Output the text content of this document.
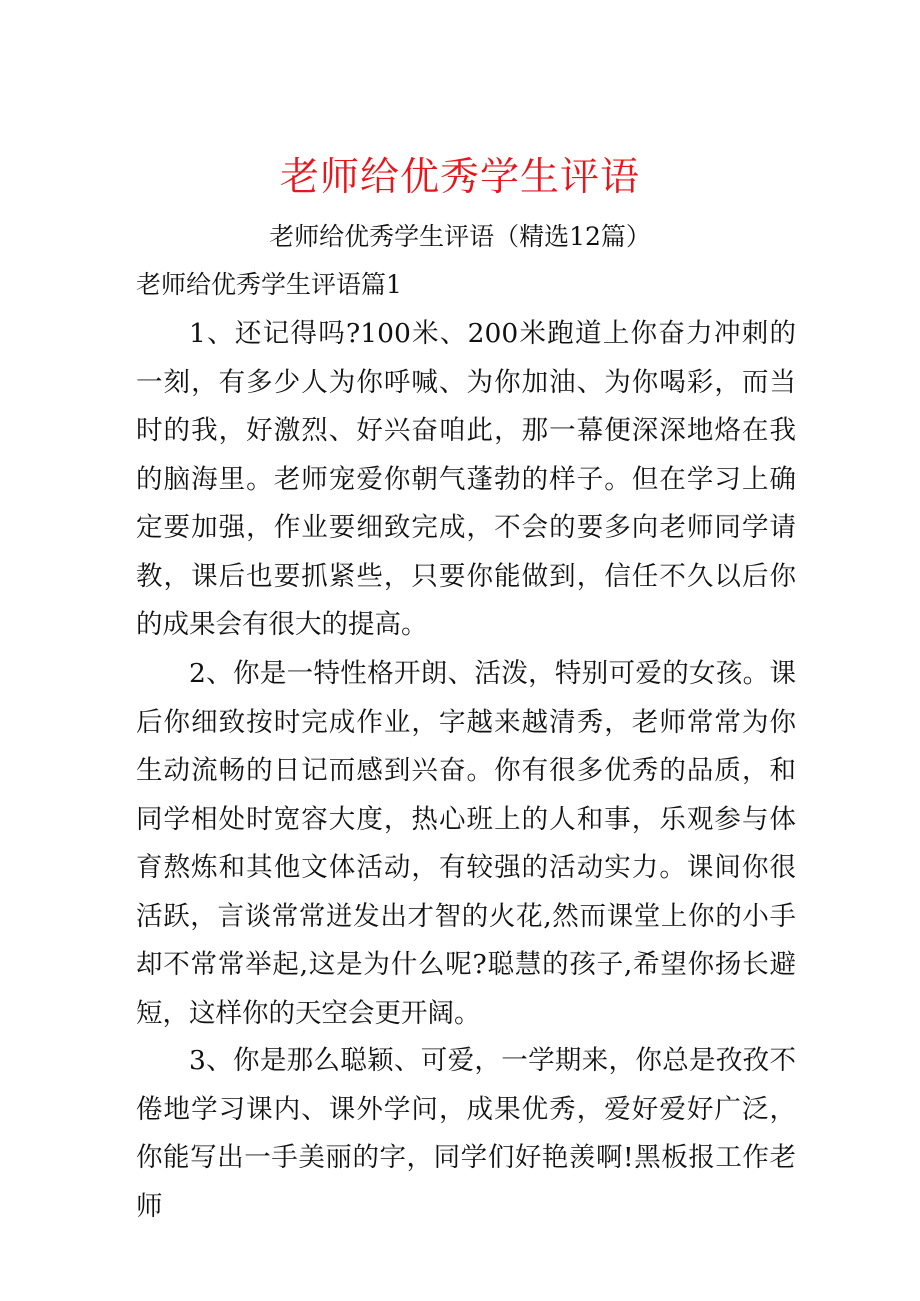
老师给优秀学生评语
老师给优秀学生评语（精选12篇）
老师给优秀学生评语篇1

1、还记得吗?100米、200米跑道上你奋力冲刺的一刻，有多少人为你呼喊、为你加油、为你喝彩，而当时的我，好激烈、好兴奋咱此，那一幕便深深地烙在我的脑海里。老师宠爱你朝气蓬勃的样子。但在学习上确定要加强，作业要细致完成，不会的要多向老师同学请教，课后也要抓紧些，只要你能做到，信任不久以后你的成果会有很大的提高。

2、你是一特性格开朗、活泼，特别可爱的女孩。课后你细致按时完成作业，字越来越清秀，老师常常为你生动流畅的日记而感到兴奋。你有很多优秀的品质，和同学相处时宽容大度，热心班上的人和事，乐观参与体育熬炼和其他文体活动，有较强的活动实力。课间你很活跃，言谈常常迸发出才智的火花,然而课堂上你的小手却不常常举起,这是为什么呢?聪慧的孩子,希望你扬长避短，这样你的天空会更开阔。

3、你是那么聪颖、可爱，一学期来，你总是孜孜不倦地学习课内、课外学问，成果优秀，爱好爱好广泛，你能写出一手美丽的字，同学们好艳羡啊!黑板报工作老师
